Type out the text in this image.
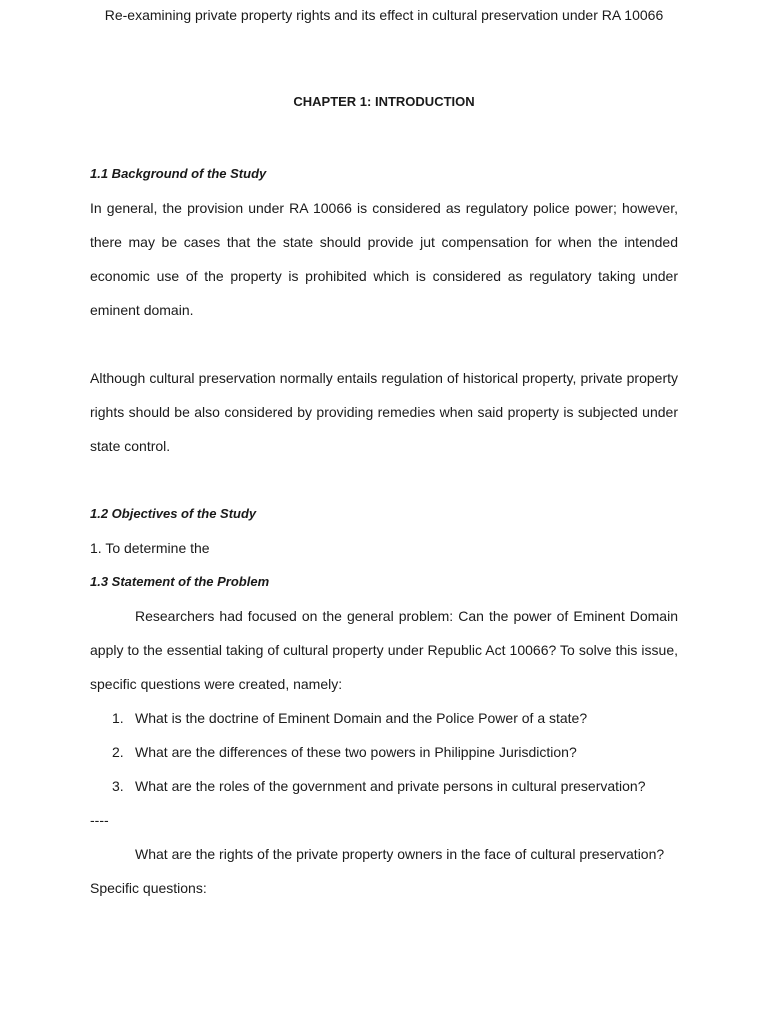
Re-examining private property rights and its effect in cultural preservation under RA 10066
CHAPTER 1: INTRODUCTION

1.1 Background of the Study

In general, the provision under RA 10066 is considered as regulatory police power; however, there may be cases that the state should provide jut compensation for when the intended economic use of the property is prohibited which is considered as regulatory taking under eminent domain.

Although cultural preservation normally entails regulation of historical property, private property rights should be also considered by providing remedies when said property is subjected under state control.

1.2 Objectives of the Study

1. To determine the

1.3 Statement of the Problem

Researchers had focused on the general problem: Can the power of Eminent Domain apply to the essential taking of cultural property under Republic Act 10066? To solve this issue, specific questions were created, namely:

1. What is the doctrine of Eminent Domain and the Police Power of a state?
2. What are the differences of these two powers in Philippine Jurisdiction?
3. What are the roles of the government and private persons in cultural preservation?

----

What are the rights of the private property owners in the face of cultural preservation?

Specific questions:
